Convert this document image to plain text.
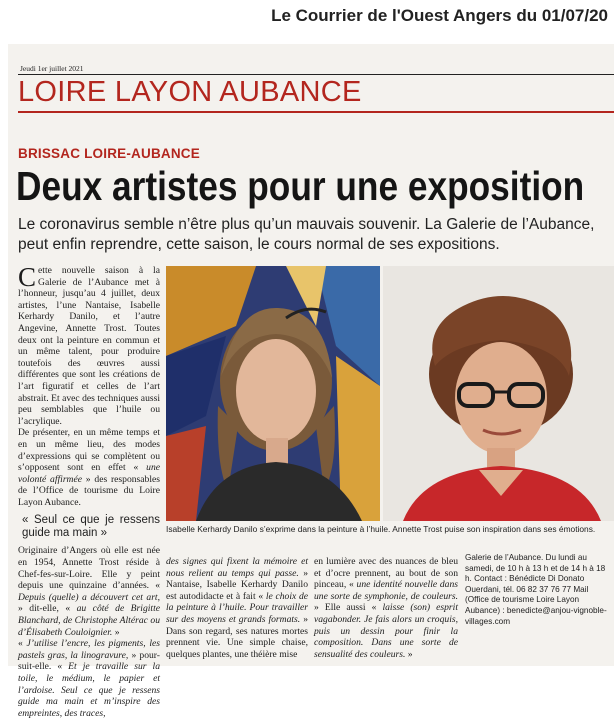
Le Courrier de l'Ouest Angers du 01/07/20
Jeudi 1er juillet 2021
LOIRE LAYON AUBANCE
BRISSAC LOIRE-AUBANCE
Deux artistes pour une exposition
Le coronavirus semble n’être plus qu’un mauvais souvenir. La Galerie de l’Aubance, peut enfin reprendre, cette saison, le cours normal de ses expositions.

Cette nouvelle saison à la Galerie de l’Aubance met à l’honneur, jusqu’au 4 juillet, deux artistes, l’une Nantaise, Isabelle Kerhardy Danilo, et l’autre Angevine, Annette Trost. Toutes deux ont la peinture en commun et un même talent, pour produire toutefois des œuvres aussi différentes que sont les créations de l’art figuratif et celles de l’art abstrait. Et avec des techniques aussi peu semblables que l’huile ou l’acrylique.

De présenter, en un même temps et en un même lieu, des modes d’expressions qui se complètent ou s’opposent sont en effet « une volonté affirmée » des responsables de l’Office de tourisme du Loire Layon Aubance.

« Seul ce que je ressens guide ma main »

Originaire d’Angers où elle est née en 1954, Annette Trost réside à Chef-fes-sur-Loire. Elle y peint depuis une quinzaine d’années. « Depuis (quelle) a découvert cet art, » dit-elle, « au côté de Brigitte Blanchard, de Christophe Altérac ou d’Élisabeth Couloignier. »

« J’utilise l’encre, les pigments, les pastels gras, la linogravure, » pour-suit-elle. « Et je travaille sur la toile, le médium, le papier et l’ardoise. Seul ce que je ressens guide ma main et m’inspire des empreintes, des traces,

Isabelle Kerhardy Danilo s’exprime dans la peinture à l’huile. Annette Trost puise son inspiration dans ses émotions.

des signes qui fixent la mémoire et nous relient au temps qui passe. » Nantaise, Isabelle Kerhardy Danilo est autodidacte et à fait « le choix de la peinture à l’huile. Pour travailler sur des moyens et grands formats. » Dans son regard, ses natures mortes prennent vie. Une simple chaise, quelques plantes, une théière mise

en lumière avec des nuances de bleu et d’ocre prennent, au bout de son pinceau, « une identité nouvelle dans une sorte de symphonie, de couleurs. » Elle aussi « laisse (son) esprit vagabonder. Je fais alors un croquis, puis un dessin pour finir la composition. Dans une sorte de sensualité des couleurs. »

Galerie de l’Aubance. Du lundi au samedi, de 10 h à 13 h et de 14 h à 18 h. Contact : Bénédicte Di Donato Ouerdani, tél. 06 82 37 76 77 Mail (Office de tourisme Loire Layon Aubance) : benedicte@anjou-vignoble-villages.com
